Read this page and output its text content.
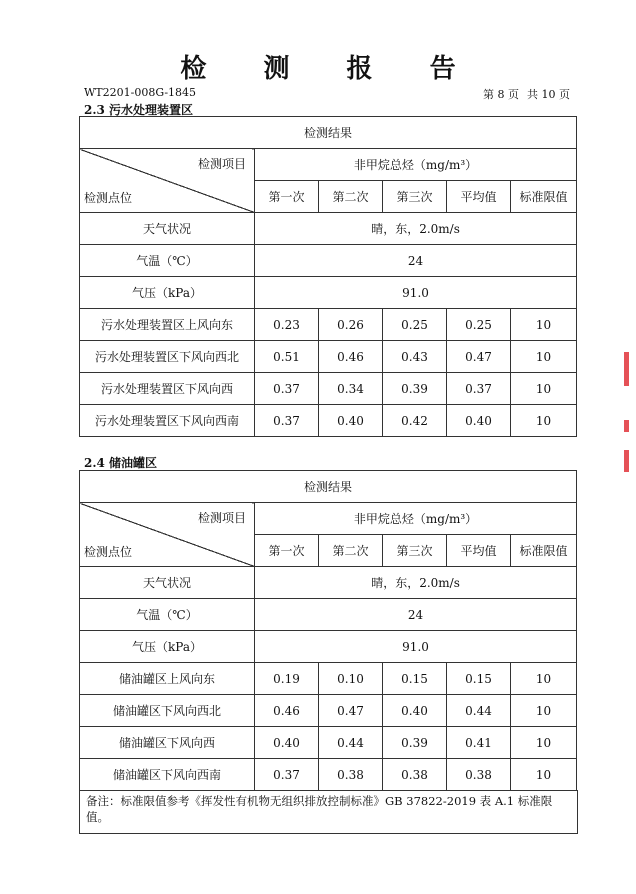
检 测 报 告
WT2201-008G-1845	第 8 页 共 10 页
2.3 污水处理装置区
检测结果					

检测项目
检测点位	非甲烷总烃（mg/m³）				
	第一次	第二次	第三次	平均值	标准限值
天气状况	晴，东，2.0m/s				
气温（℃）	24				
气压（kPa）	91.0				
污水处理装置区上风向东	0.23	0.26	0.25	0.25	10
污水处理装置区下风向西北	0.51	0.46	0.43	0.47	10
污水处理装置区下风向西	0.37	0.34	0.39	0.37	10
污水处理装置区下风向西南	0.37	0.40	0.42	0.40	10
2.4 储油罐区
检测结果					

检测项目
检测点位	非甲烷总烃（mg/m³）				
	第一次	第二次	第三次	平均值	标准限值
天气状况	晴，东，2.0m/s				
气温（℃）	24				
气压（kPa）	91.0				
储油罐区上风向东	0.19	0.10	0.15	0.15	10
储油罐区下风向西北	0.46	0.47	0.40	0.44	10
储油罐区下风向西	0.40	0.44	0.39	0.41	10
储油罐区下风向西南	0.37	0.38	0.38	0.38	10
备注：标准限值参考《挥发性有机物无组织排放控制标准》GB 37822-2019 表 A.1 标准限值。
